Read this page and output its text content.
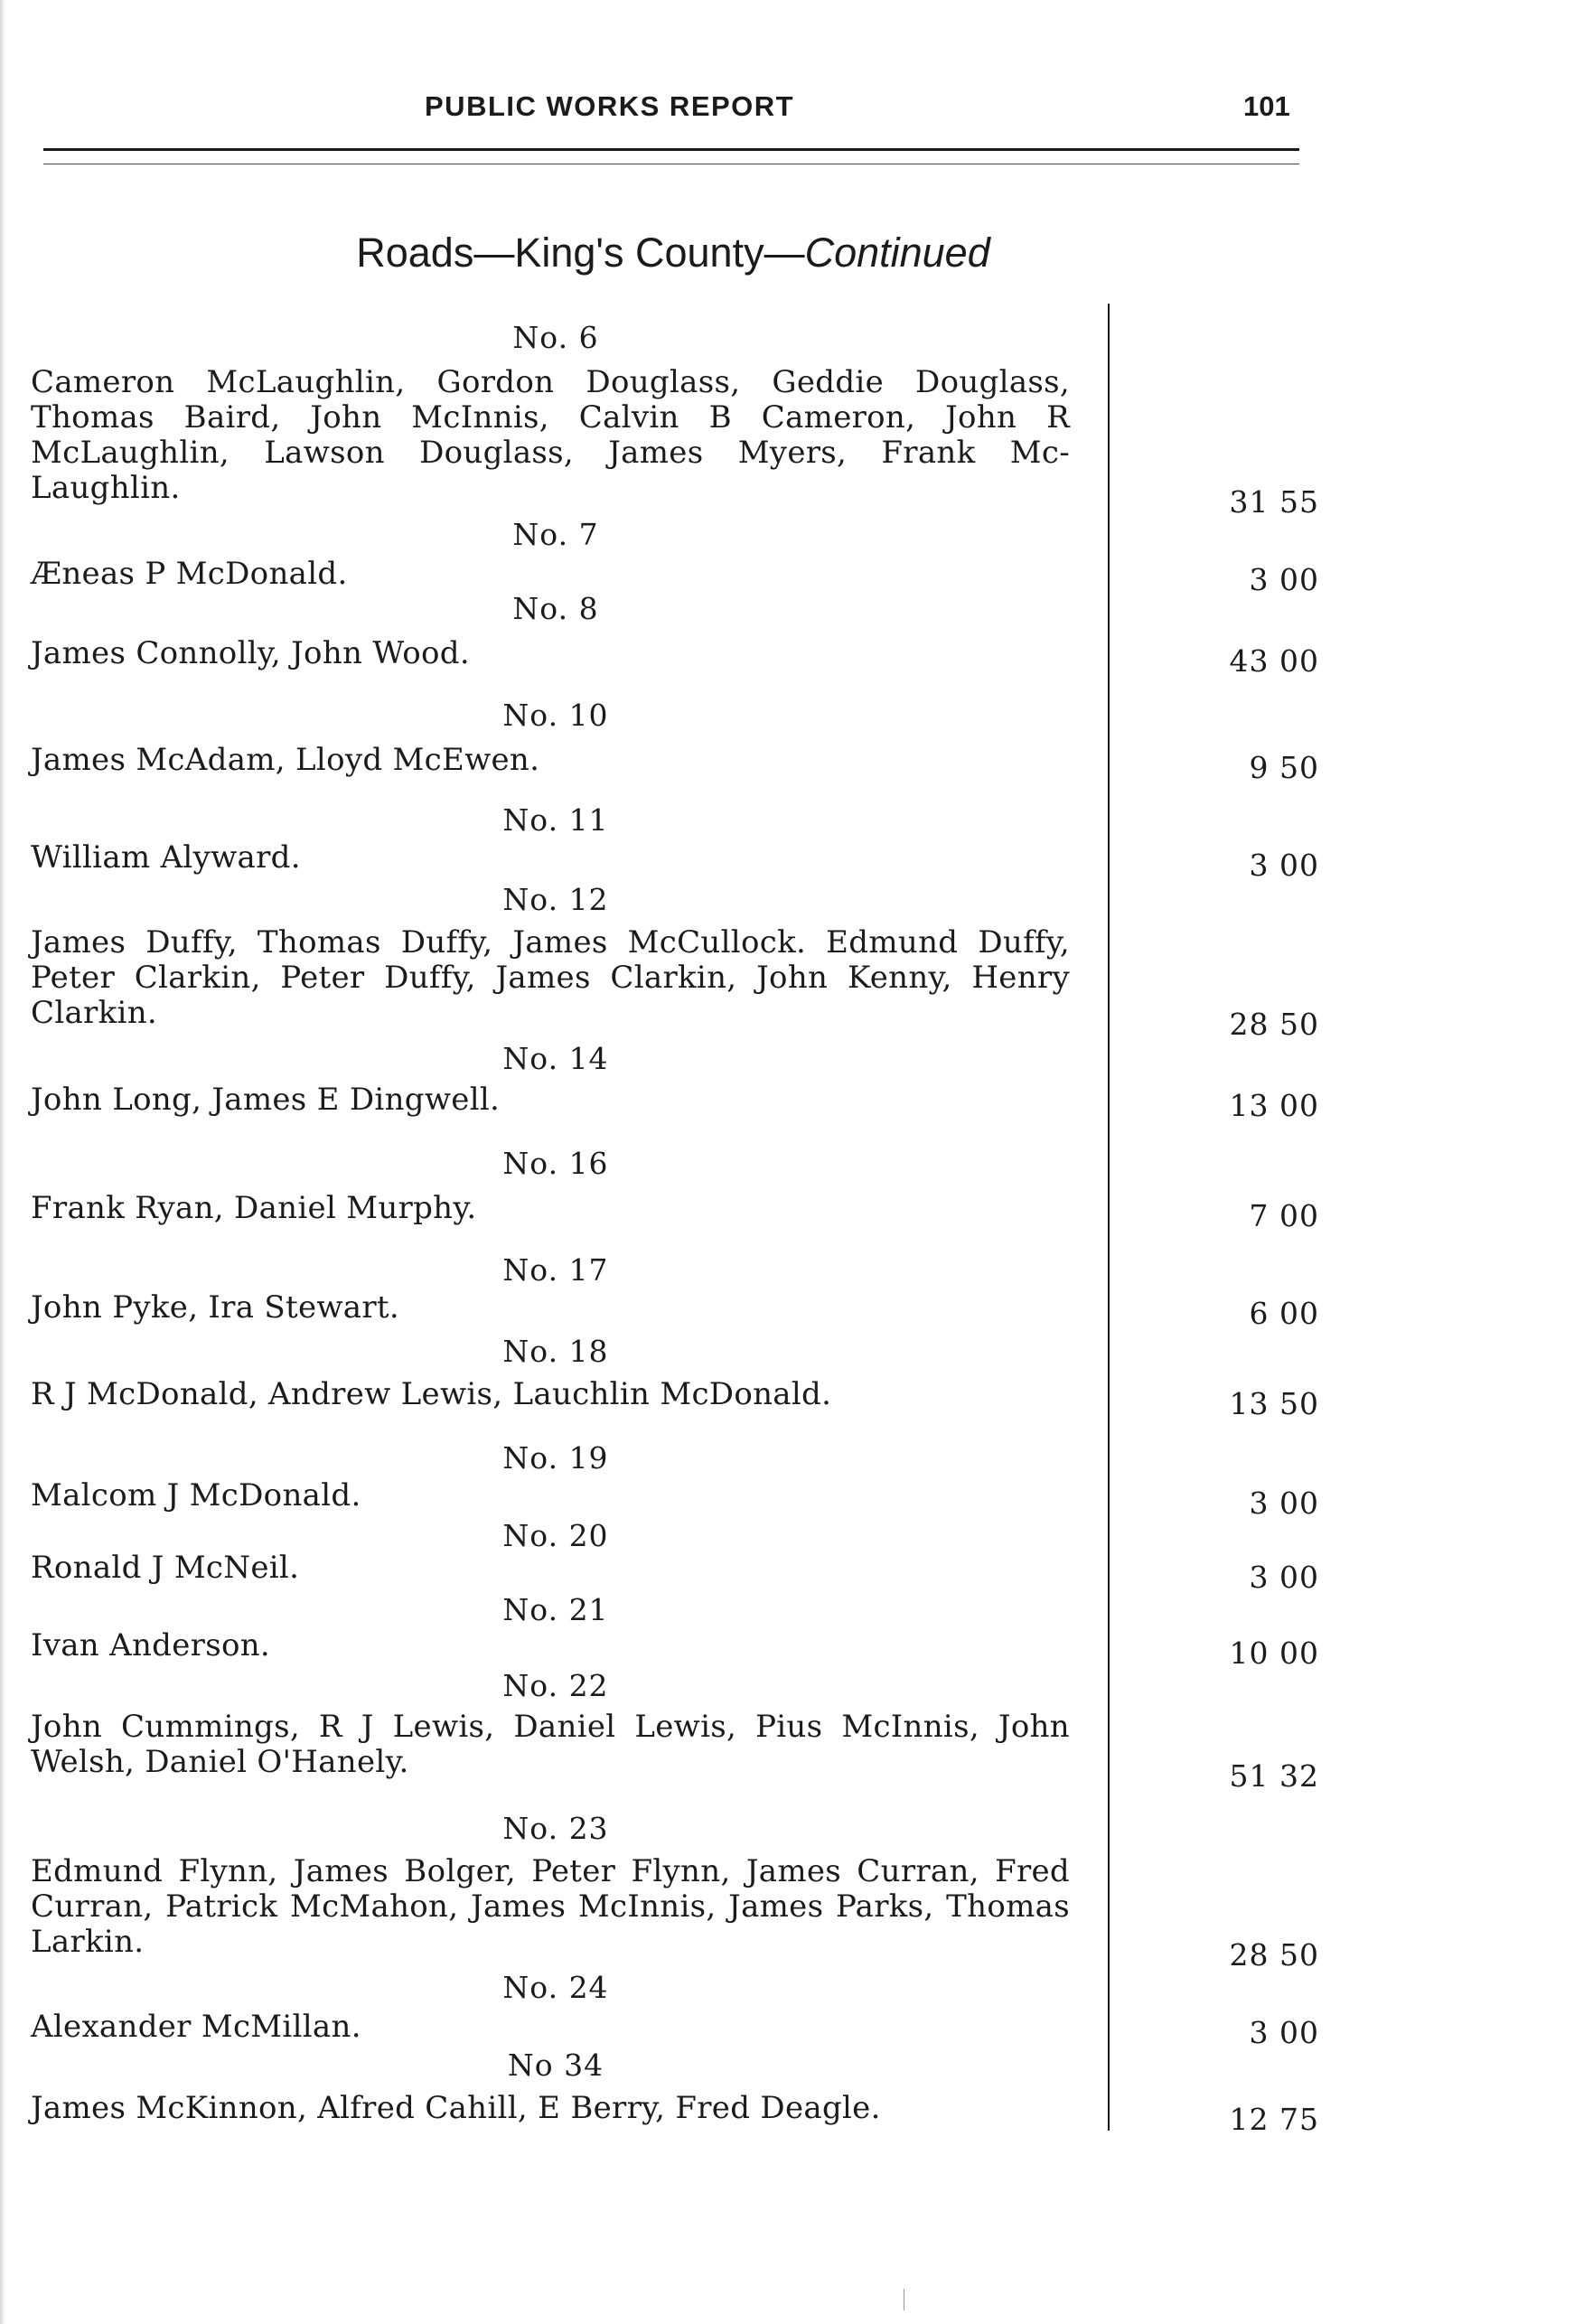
PUBLIC WORKS REPORT	101
Roads—King's County—Continued
No. 6
Cameron McLaughlin, Gordon Douglass, Geddie Douglass, Thomas Baird, John McInnis, Calvin B Cameron, John R McLaughlin, Lawson Douglass, James Myers, Frank Mc-Laughlin.	31 55
No. 7
Æneas P McDonald.	3 00
No. 8
James Connolly, John Wood.	43 00
No. 10
James McAdam, Lloyd McEwen.	9 50
No. 11
William Alyward.	3 00
No. 12
James Duffy, Thomas Duffy, James McCullock. Edmund Duffy, Peter Clarkin, Peter Duffy, James Clarkin, John Kenny, Henry Clarkin.	28 50
No. 14
John Long, James E Dingwell.	13 00
No. 16
Frank Ryan, Daniel Murphy.	7 00
No. 17
John Pyke, Ira Stewart.	6 00
No. 18
R J McDonald, Andrew Lewis, Lauchlin McDonald.	13 50
No. 19
Malcom J McDonald.	3 00
No. 20
Ronald J McNeil.	3 00
No. 21
Ivan Anderson.	10 00
No. 22
John Cummings, R J Lewis, Daniel Lewis, Pius McInnis, John Welsh, Daniel O'Hanely.	51 32
No. 23
Edmund Flynn, James Bolger, Peter Flynn, James Curran, Fred Curran, Patrick McMahon, James McInnis, James Parks, Thomas Larkin.	28 50
No. 24
Alexander McMillan.	3 00
No 34
James McKinnon, Alfred Cahill, E Berry, Fred Deagle.	12 75
